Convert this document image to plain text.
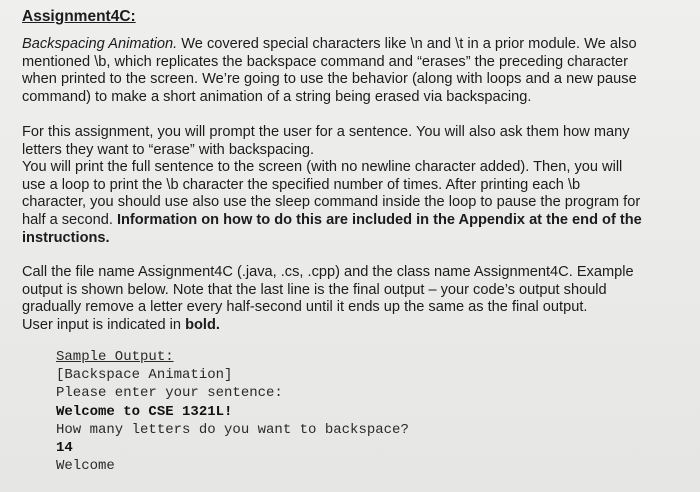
Assignment4C:

Backspacing Animation. We covered special characters like \n and \t in a prior module. We also
mentioned \b, which replicates the backspace command and “erases” the preceding character
when printed to the screen. We’re going to use the behavior (along with loops and a new pause
command) to make a short animation of a string being erased via backspacing.

For this assignment, you will prompt the user for a sentence. You will also ask them how many
letters they want to “erase” with backspacing.
You will print the full sentence to the screen (with no newline character added). Then, you will
use a loop to print the \b character the specified number of times. After printing each \b
character, you should use also use the sleep command inside the loop to pause the program for
half a second. Information on how to do this are included in the Appendix at the end of the
instructions.

Call the file name Assignment4C (.java, .cs, .cpp) and the class name Assignment4C. Example
output is shown below. Note that the last line is the final output – your code’s output should
gradually remove a letter every half-second until it ends up the same as the final output.
User input is indicated in bold.

Sample Output:
[Backspace Animation]
Please enter your sentence:
Welcome to CSE 1321L!
How many letters do you want to backspace?
14
Welcome
